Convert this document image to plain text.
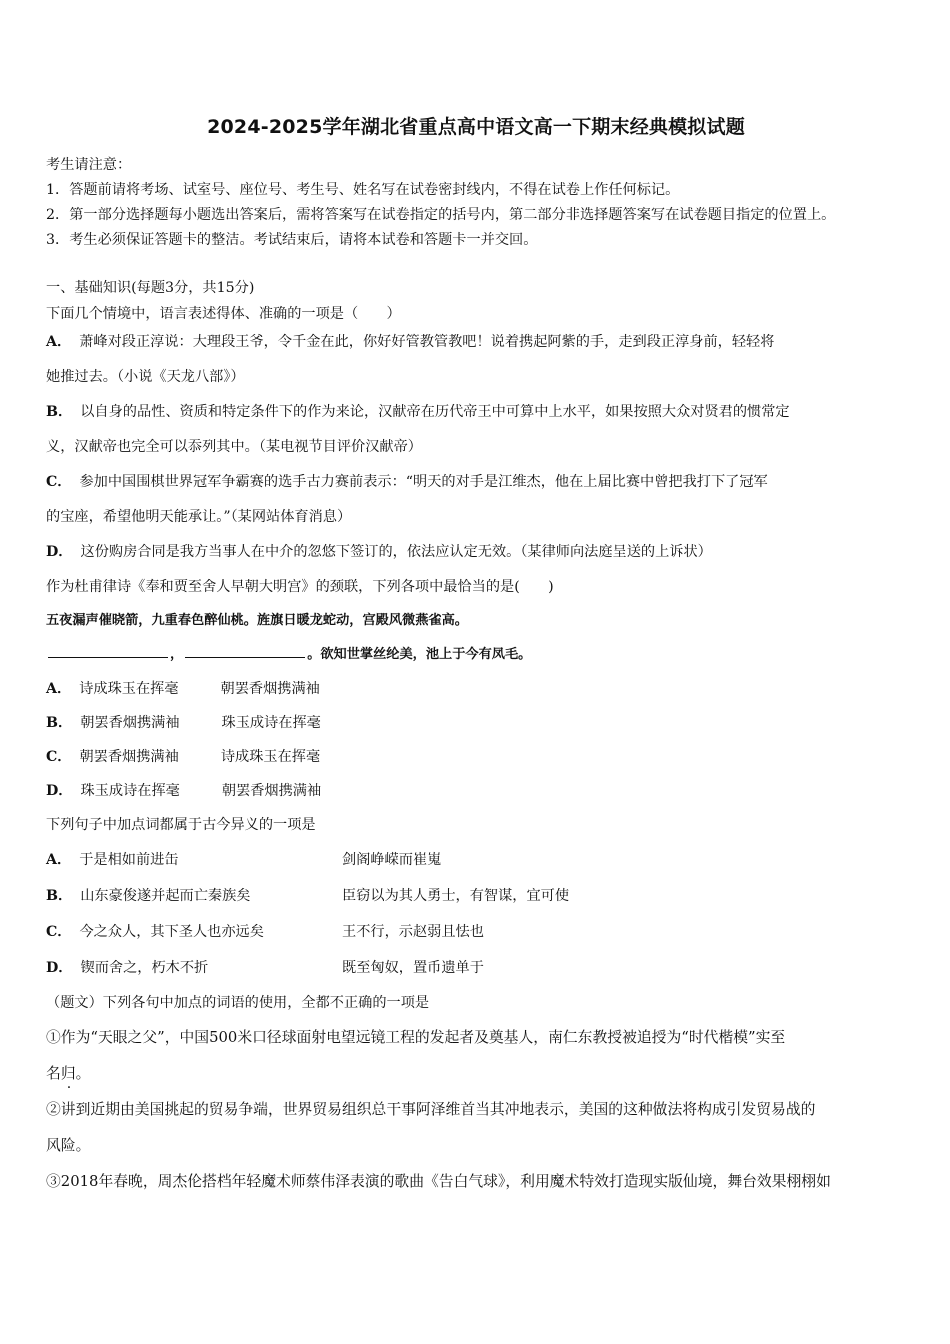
2024-2025学年湖北省重点高中语文高一下期末经典模拟试题

考生请注意：

1．答题前请将考场、试室号、座位号、考生号、姓名写在试卷密封线内，不得在试卷上作任何标记。

2．第一部分选择题每小题选出答案后，需将答案写在试卷指定的括号内，第二部分非选择题答案写在试卷题目指定的位置上。

3．考生必须保证答题卡的整洁。考试结束后，请将本试卷和答题卡一并交回。

一、基础知识(每题3分，共15分)

下面几个情境中，语言表述得体、准确的一项是（　　）

A． 萧峰对段正淳说：大理段王爷，令千金在此，你好好管教管教吧！说着携起阿紫的手，走到段正淳身前，轻轻将

她推过去。（小说《天龙八部》）

B． 以自身的品性、资质和特定条件下的作为来论，汉献帝在历代帝王中可算中上水平，如果按照大众对贤君的惯常定

义，汉献帝也完全可以忝列其中。（某电视节目评价汉献帝）

C． 参加中国围棋世界冠军争霸赛的选手古力赛前表示：“明天的对手是江维杰，他在上届比赛中曾把我打下了冠军

的宝座，希望他明天能承让。”（某网站体育消息）

D． 这份购房合同是我方当事人在中介的忽悠下签订的，依法应认定无效。（某律师向法庭呈送的上诉状）

作为杜甫律诗《奉和贾至舍人早朝大明宫》的颈联，下列各项中最恰当的是(　　)

五夜漏声催晓箭，九重春色醉仙桃。旌旗日暖龙蛇动，宫殿风微燕雀高。

，	。欲知世掌丝纶美，池上于今有凤毛。

A． 诗成珠玉在挥毫	朝罢香烟携满袖

B． 朝罢香烟携满袖	珠玉成诗在挥毫

C． 朝罢香烟携满袖	诗成珠玉在挥毫

D． 珠玉成诗在挥毫	朝罢香烟携满袖

下列句子中加点词都属于古今异义的一项是

A． 于是相如前进缶	剑阁峥嵘而崔嵬
B． 山东豪俊遂并起而亡秦族矣	臣窃以为其人勇士，有智谋，宜可使
C． 今之众人，其下圣人也亦远矣	王不行，示赵弱且怯也
D． 锲而舍之，朽木不折	既至匈奴，置币遗单于

（题文）下列各句中加点的词语的使用，全都不正确的一项是

①作为“天眼之父”，中国500米口径球面射电望远镜工程的发起者及奠基人，南仁东教授被追授为“时代楷模”实至

名归。

②讲到近期由美国挑起的贸易争端，世界贸易组织总干事阿泽维首当其冲地表示，美国的这种做法将构成引发贸易战的

风险。

③2018年春晚，周杰伦搭档年轻魔术师蔡伟泽表演的歌曲《告白气球》，利用魔术特效打造现实版仙境，舞台效果栩栩如
